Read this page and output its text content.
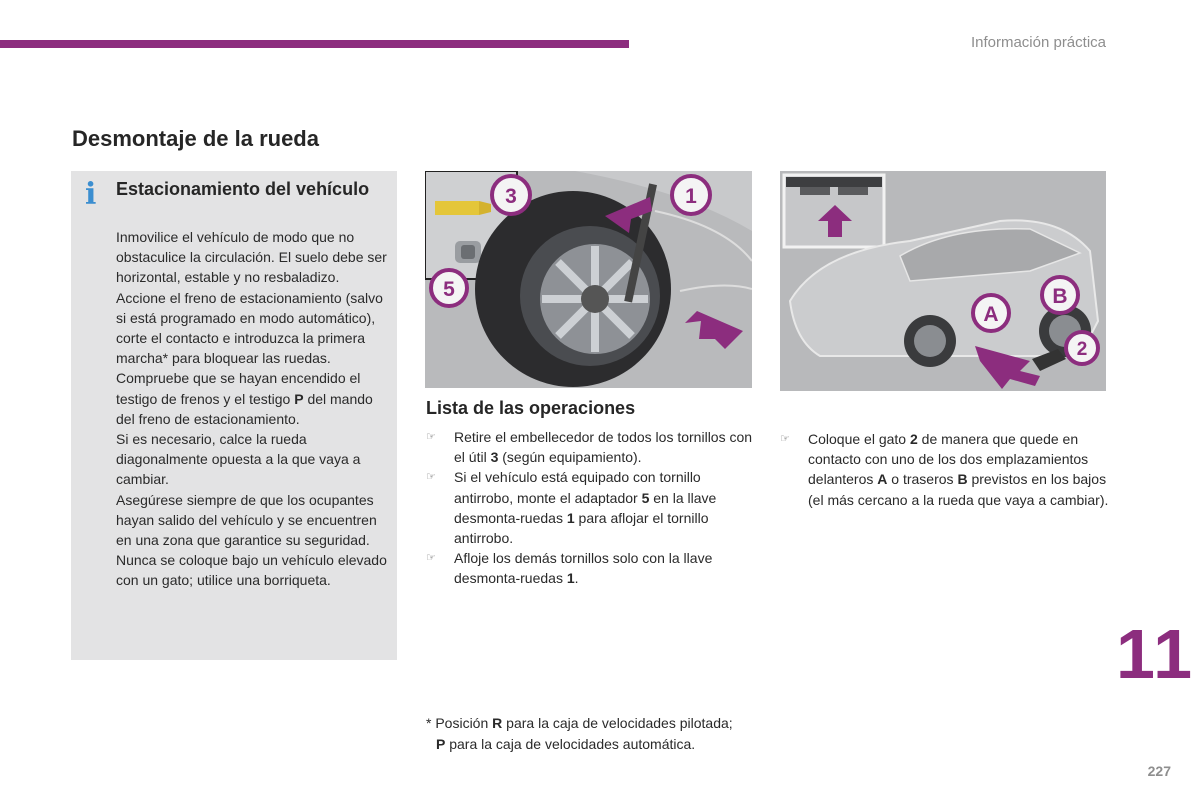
Información práctica
Desmontaje de la rueda
i Estacionamiento del vehículo

Inmovilice el vehículo de modo que no obstaculice la circulación. El suelo debe ser horizontal, estable y no resbaladizo.

Accione el freno de estacionamiento (salvo si está programado en modo automático), corte el contacto e introduzca la primera marcha* para bloquear las ruedas.

Compruebe que se hayan encendido el testigo de frenos y el testigo P del mando del freno de estacionamiento.

Si es necesario, calce la rueda diagonalmente opuesta a la que vaya a cambiar.

Asegúrese siempre de que los ocupantes hayan salido del vehículo y se encuentren en una zona que garantice su seguridad.

Nunca se coloque bajo un vehículo elevado con un gato; utilice una borriqueta.

3	1
5
A
B
2
Lista de las operaciones
☞ Retire el embellecedor de todos los tornillos con el útil 3 (según equipamiento).
☞ Si el vehículo está equipado con tornillo antirrobo, monte el adaptador 5 en la llave desmonta-ruedas 1 para aflojar el tornillo antirrobo.
☞ Afloje los demás tornillos solo con la llave desmonta-ruedas 1.
☞ Coloque el gato 2 de manera que quede en contacto con uno de los dos emplazamientos delanteros A o traseros B previstos en los bajos (el más cercano a la rueda que vaya a cambiar).
11

* Posición R para la caja de velocidades pilotada;

P para la caja de velocidades automática.

227
